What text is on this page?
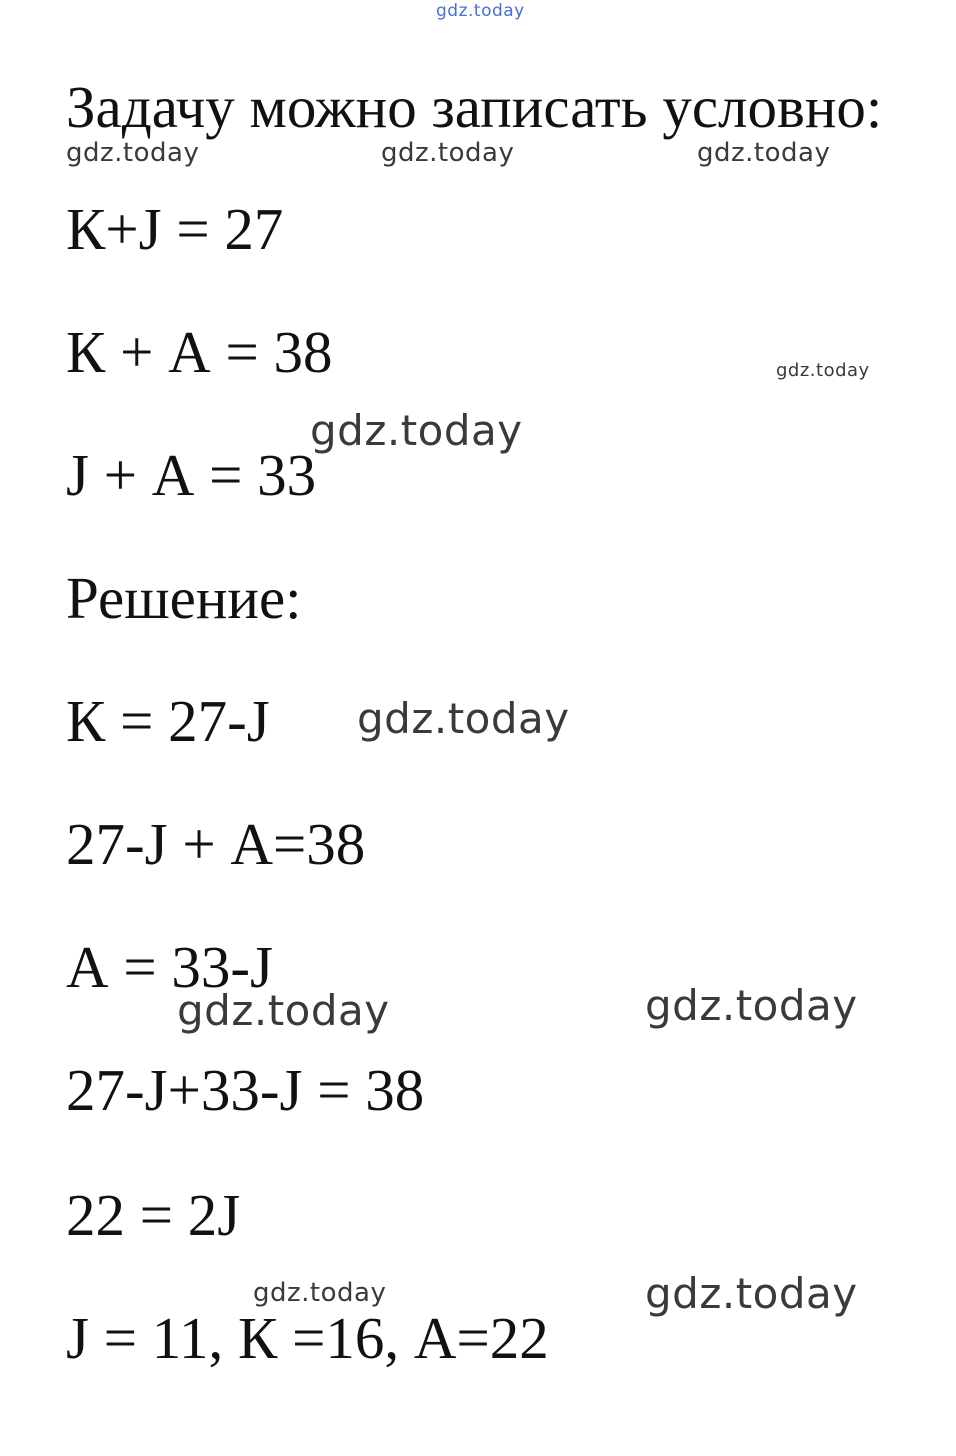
Задачу можно записать условно:

К+J = 27

К + А = 38

J + А = 33

Решение:

К = 27-J

27-J + А=38

А = 33-J

27-J+33-J = 38

22 = 2J

J = 11, К =16, А=22

gdz.today
gdz.today	gdz.today	gdz.today
gdz.today
gdz.today
gdz.today
gdz.today	gdz.today
gdz.today	gdz.today
